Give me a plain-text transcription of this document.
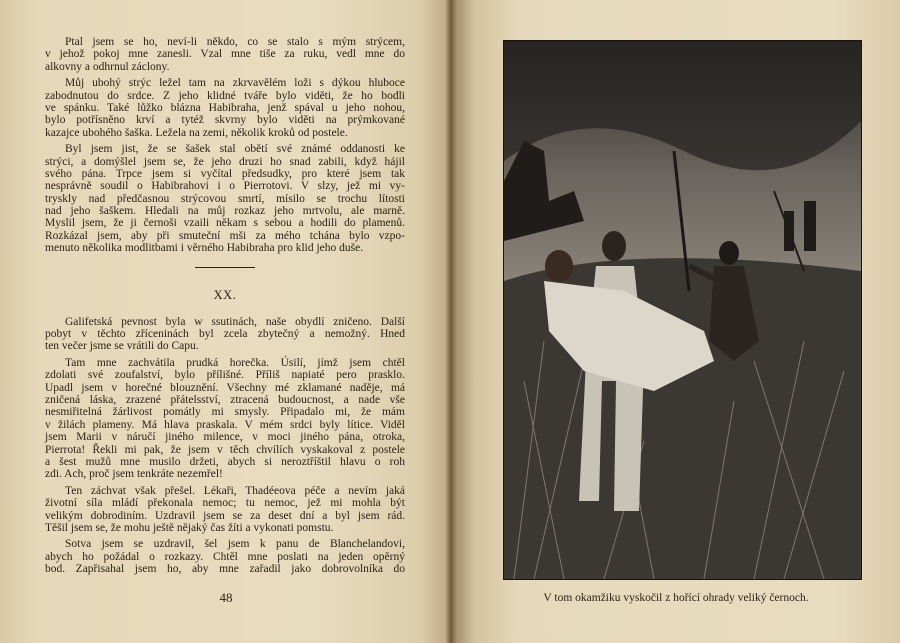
Ptal jsem se ho, neví-li někdo, co se stalo s mým strýcem,
v jehož pokoj mne zanesli. Vzal mne tiše za ruku, vedl mne do
alkovny a odhrnul záclony.
Můj ubohý strýc ležel tam na zkrvavělém loži s dýkou hluboce
zabodnutou do srdce. Z jeho klidné tváře bylo viděti, že ho bodli
ve spánku. Také lůžko blázna Habibraha, jenž spával u jeho nohou,
bylo potřísněno krví a tytéž skvrny bylo viděti na prýmkované
kazajce ubohého šaška. Ležela na zemi, několik kroků od postele.
Byl jsem jist, že se šašek stal obětí své známé oddanosti ke
strýci, a domýšlel jsem se, že jeho druzi ho snad zabili, když hájil
svého pána. Trpce jsem si vyčítal předsudky, pro které jsem tak
nesprávně soudil o Habibrahovi i o Pierrotovi. V slzy, jež mi vy-
tryskly nad předčasnou strýcovou smrtí, mísilo se trochu lítosti
nad jeho šaškem. Hledali na můj rozkaz jeho mrtvolu, ale marně.
Myslil jsem, že ji černoši vzaili někam s sebou a hodili do plamenů.
Rozkázal jsem, aby při smuteční mši za mého tchána bylo vzpo-
menuto několika modlitbami i věrného Habibraha pro klid jeho duše.
XX.
Galifetská pevnost byla w ssutinách, naše obydlí zničeno. Další
pobyt v těchto zříceninách byl zcela zbytečný a nemožný. Hned
ten večer jsme se vrátili do Capu.
Tam mne zachvátila prudká horečka. Úsilí, jímž jsem chtěl
zdolati své zoufalství, bylo přílišné. Příliš napiaté pero prasklo.
Upadl jsem v horečné blouznění. Všechny mé zklamané naděje, má
zničená láska, zrazené přátelsství, ztracená budoucnost, a nade vše
nesmiřitelná žárlivost pomátly mi smysly. Připadalo mi, že mám
v žilách plameny. Má hlava praskala. V mém srdci byly lítice. Viděl
jsem Marii v náručí jiného milence, v moci jiného pána, otroka,
Pierrota! Řekli mi pak, že jsem v těch chvílích vyskakoval z postele
a šest mužů mne musilo držeti, abych si neroztříštil hlavu o roh
zdi. Ach, proč jsem tenkráte nezemřel!
Ten záchvat však přešel. Lékaři, Thadéeova péče a nevím jaká
životní síla mládí překonala nemoc; tu nemoc, jež mi mohla být
velikým dobrodiním. Uzdravil jsem se za deset dní a byl jsem rád.
Těšil jsem se, že mohu ještě nějaký čas žíti a vykonati pomstu.
Sotva jsem se uzdravil, šel jsem k panu de Blanchelandovi,
abych ho požádal o rozkazy. Chtěl mne poslati na jeden opěrný
bod. Zapřisahal jsem ho, aby mne zařadil jako dobrovolníka do
48	V tom okamžiku vyskočil z hořící ohrady veliký černoch.
